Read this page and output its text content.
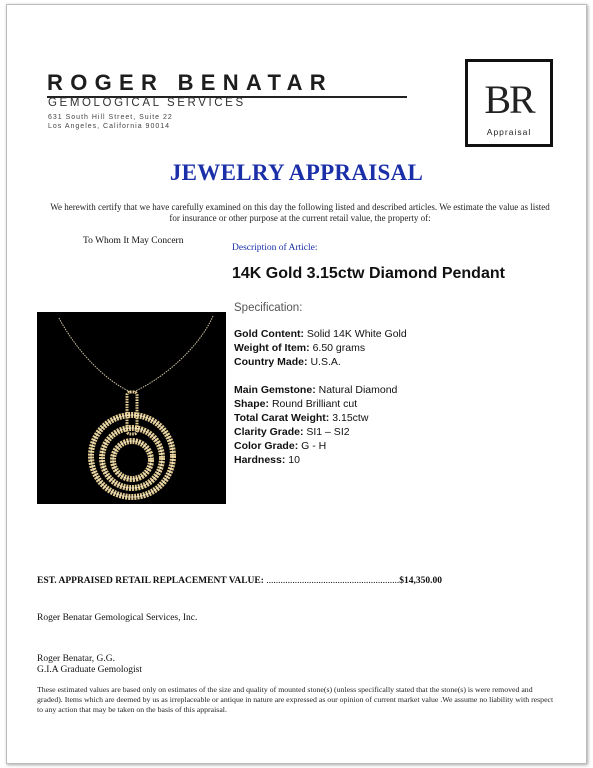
ROGER BENATAR
GEMOLOGICAL SERVICES
631 South Hill Street, Suite 22
Los Angeles, California 90014
BR
Appraisal
JEWELRY APPRAISAL
We herewith certify that we have carefully examined on this day the following listed and described articles. We estimate the value as listed for insurance or other purpose at the current retail value, the property of:
To Whom It May Concern
Description of Article:
14K Gold 3.15ctw Diamond Pendant
Specification:
Gold Content: Solid 14K White Gold
Weight of Item: 6.50 grams
Country Made: U.S.A.
Main Gemstone: Natural Diamond
Shape: Round Brilliant cut
Total Carat Weight: 3.15ctw
Clarity Grade: SI1 – SI2
Color Grade: G - H
Hardness: 10
EST. APPRAISED RETAIL REPLACEMENT VALUE: ........................................................$14,350.00
Roger Benatar Gemological Services, Inc.
Roger Benatar, G.G.
G.I.A Graduate Gemologist
These estimated values are based only on estimates of the size and quality of mounted stone(s) (unless specifically stated that the stone(s) is were removed and graded). Items which are deemed by us as irreplaceable or antique in nature are expressed as our opinion of current market value .We assume no liability with respect to any action that may be taken on the basis of this appraisal.
